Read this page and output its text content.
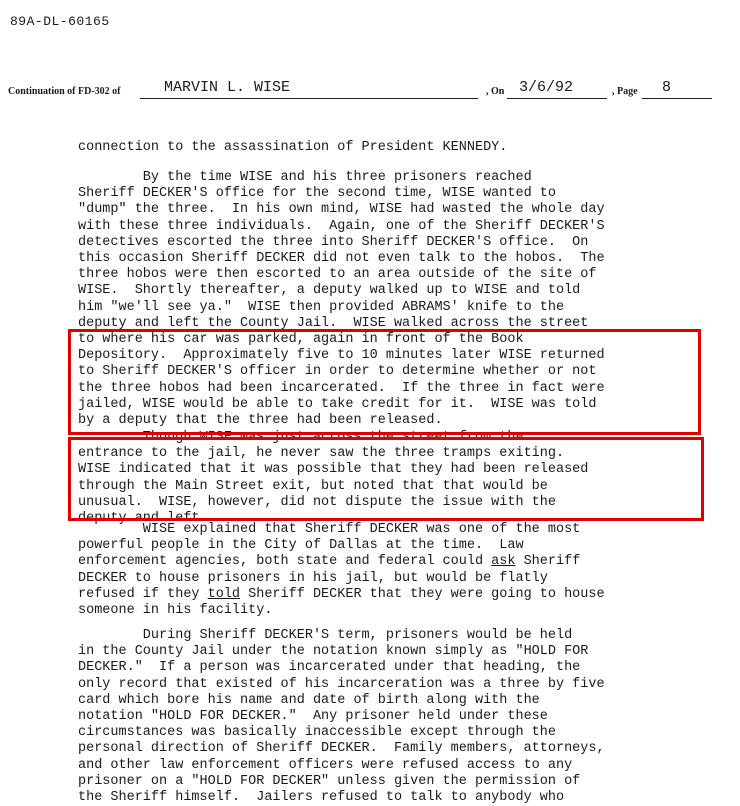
89A-DL-60165
Continuation of FD-302 of	MARVIN L. WISE	, On 3/6/92	, Page	8
connection to the assassination of President KENNEDY.
By the time WISE and his three prisoners reached
Sheriff DECKER'S office for the second time, WISE wanted to
"dump" the three.  In his own mind, WISE had wasted the whole day
with these three individuals.  Again, one of the Sheriff DECKER'S
detectives escorted the three into Sheriff DECKER'S office.  On
this occasion Sheriff DECKER did not even talk to the hobos.  The
three hobos were then escorted to an area outside of the site of
WISE.  Shortly thereafter, a deputy walked up to WISE and told
him "we'll see ya."  WISE then provided ABRAMS' knife to the
deputy and left the County Jail.  WISE walked across the street
to where his car was parked, again in front of the Book
Depository.  Approximately five to 10 minutes later WISE returned
to Sheriff DECKER'S officer in order to determine whether or not
the three hobos had been incarcerated.  If the three in fact were
jailed, WISE would be able to take credit for it.  WISE was told
by a deputy that the three had been released.
Though WISE was just across the street from the
entrance to the jail, he never saw the three tramps exiting.
WISE indicated that it was possible that they had been released
through the Main Street exit, but noted that that would be
unusual.  WISE, however, did not dispute the issue with the
deputy and left.
WISE explained that Sheriff DECKER was one of the most
powerful people in the City of Dallas at the time.  Law
enforcement agencies, both state and federal could ask Sheriff
DECKER to house prisoners in his jail, but would be flatly
refused if they told Sheriff DECKER that they were going to house
someone in his facility.
During Sheriff DECKER'S term, prisoners would be held
in the County Jail under the notation known simply as "HOLD FOR
DECKER."  If a person was incarcerated under that heading, the
only record that existed of his incarceration was a three by five
card which bore his name and date of birth along with the
notation "HOLD FOR DECKER."  Any prisoner held under these
circumstances was basically inaccessible except through the
personal direction of Sheriff DECKER.  Family members, attorneys,
and other law enforcement officers were refused access to any
prisoner on a "HOLD FOR DECKER" unless given the permission of
the Sheriff himself.  Jailers refused to talk to anybody who
